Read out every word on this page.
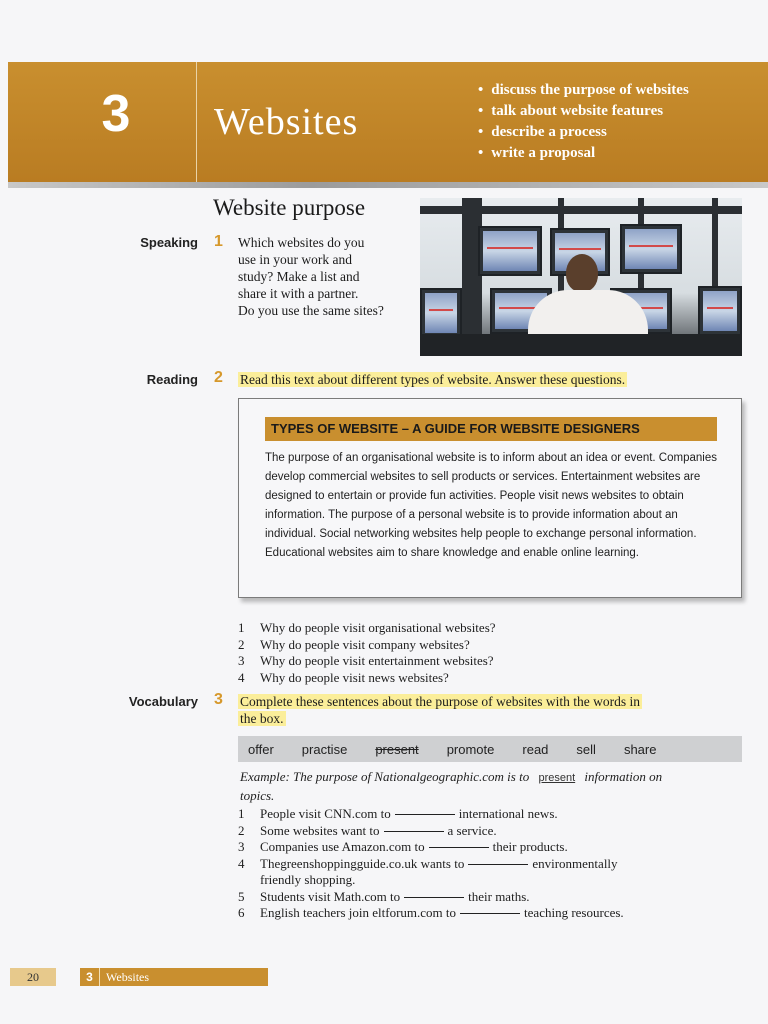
3	Websites
• discuss the purpose of websites
• talk about website features
• describe a process
• write a proposal
Website purpose
Speaking 1	Which websites do you
use in your work and
study? Make a list and
share it with a partner.
Do you use the same sites?
Reading 2	Read this text about different types of website. Answer these questions.
TYPES OF WEBSITE – A GUIDE FOR WEBSITE DESIGNERS
The purpose of an organisational website is to inform about an idea or event. Companies develop commercial websites to sell products or services. Entertainment websites are designed to entertain or provide fun activities. People visit news websites to obtain information. The purpose of a personal website is to provide information about an individual. Social networking websites help people to exchange personal information. Educational websites aim to share knowledge and enable online learning.
1	Why do people visit organisational websites?
2	Why do people visit company websites?
3	Why do people visit entertainment websites?
4	Why do people visit news websites?
Vocabulary 3	Complete these sentences about the purpose of websites with the words in
the box.
offer practise present promote read sell share
Example: The purpose of Nationalgeographic.com is to present information on
topics.
1	People visit CNN.com to	international news.
2	Some websites want to	a service.
3	Companies use Amazon.com to	their products.
4	Thegreenshoppingguide.co.uk wants to	environmentally
friendly shopping.
5	Students visit Math.com to	their maths.
6	English teachers join eltforum.com to	teaching resources.
20	3 Websites
